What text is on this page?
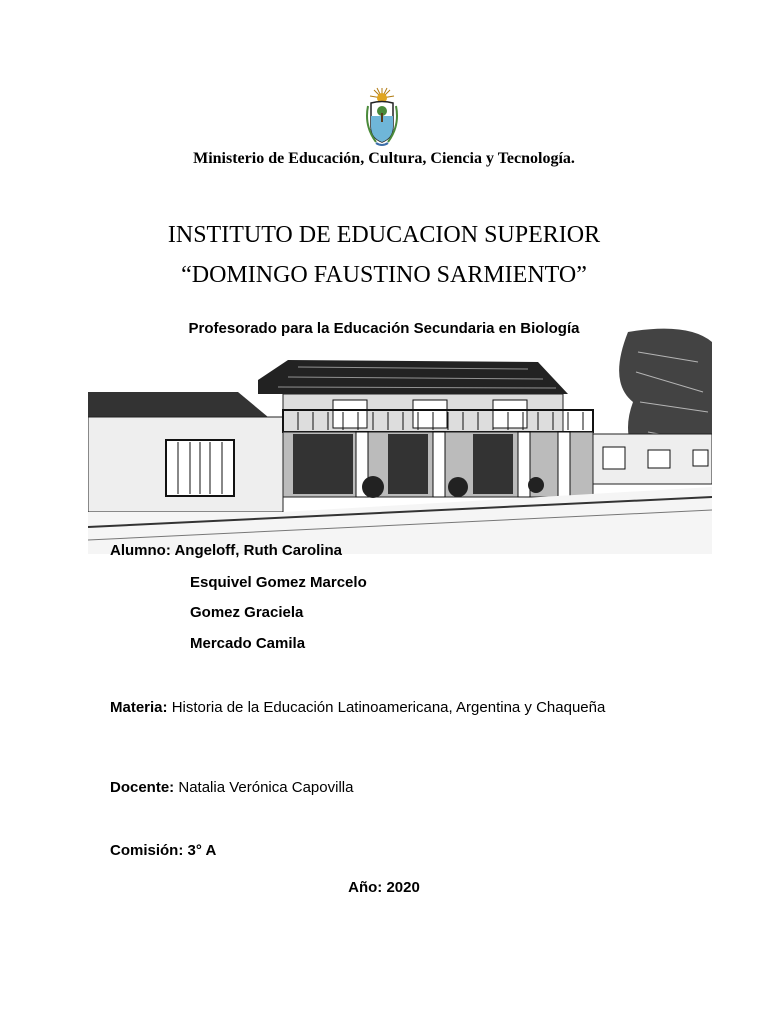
Ministerio de Educación, Cultura, Ciencia y Tecnología.
INSTITUTO DE EDUCACION SUPERIOR
“DOMINGO FAUSTINO SARMIENTO”
Profesorado para la Educación Secundaria en Biología
Alumno: Angeloff, Ruth Carolina
Esquivel Gomez Marcelo
Gomez Graciela
Mercado Camila
Materia: Historia de la Educación Latinoamericana, Argentina y Chaqueña
Docente: Natalia Verónica Capovilla
Comisión: 3° A
Año: 2020
